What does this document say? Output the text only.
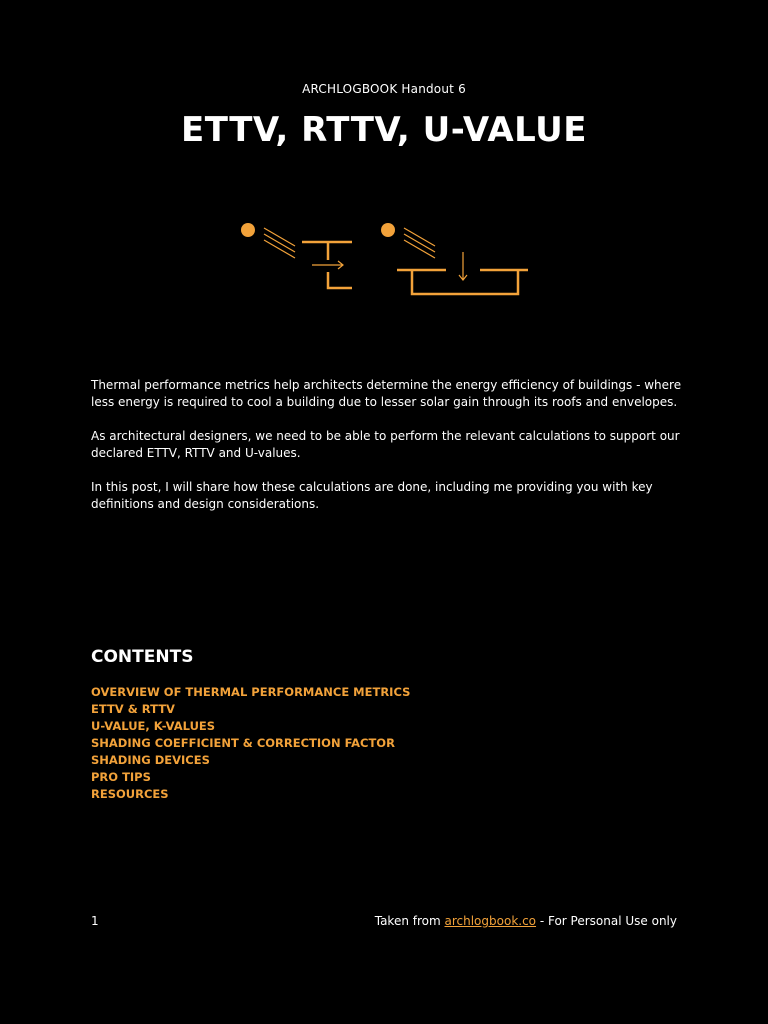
ARCHLOGBOOK Handout 6
ETTV, RTTV, U-VALUE

Thermal performance metrics help architects determine the energy efficiency of buildings - where less energy is required to cool a building due to lesser solar gain through its roofs and envelopes.

As architectural designers, we need to be able to perform the relevant calculations to support our declared ETTV, RTTV and U-values.

In this post, I will share how these calculations are done, including me providing you with key definitions and design considerations.

CONTENTS
OVERVIEW OF THERMAL PERFORMANCE METRICS
ETTV & RTTV
U-VALUE, K-VALUES
SHADING COEFFICIENT & CORRECTION FACTOR
SHADING DEVICES
PRO TIPS
RESOURCES
1	Taken from archlogbook.co - For Personal Use only
